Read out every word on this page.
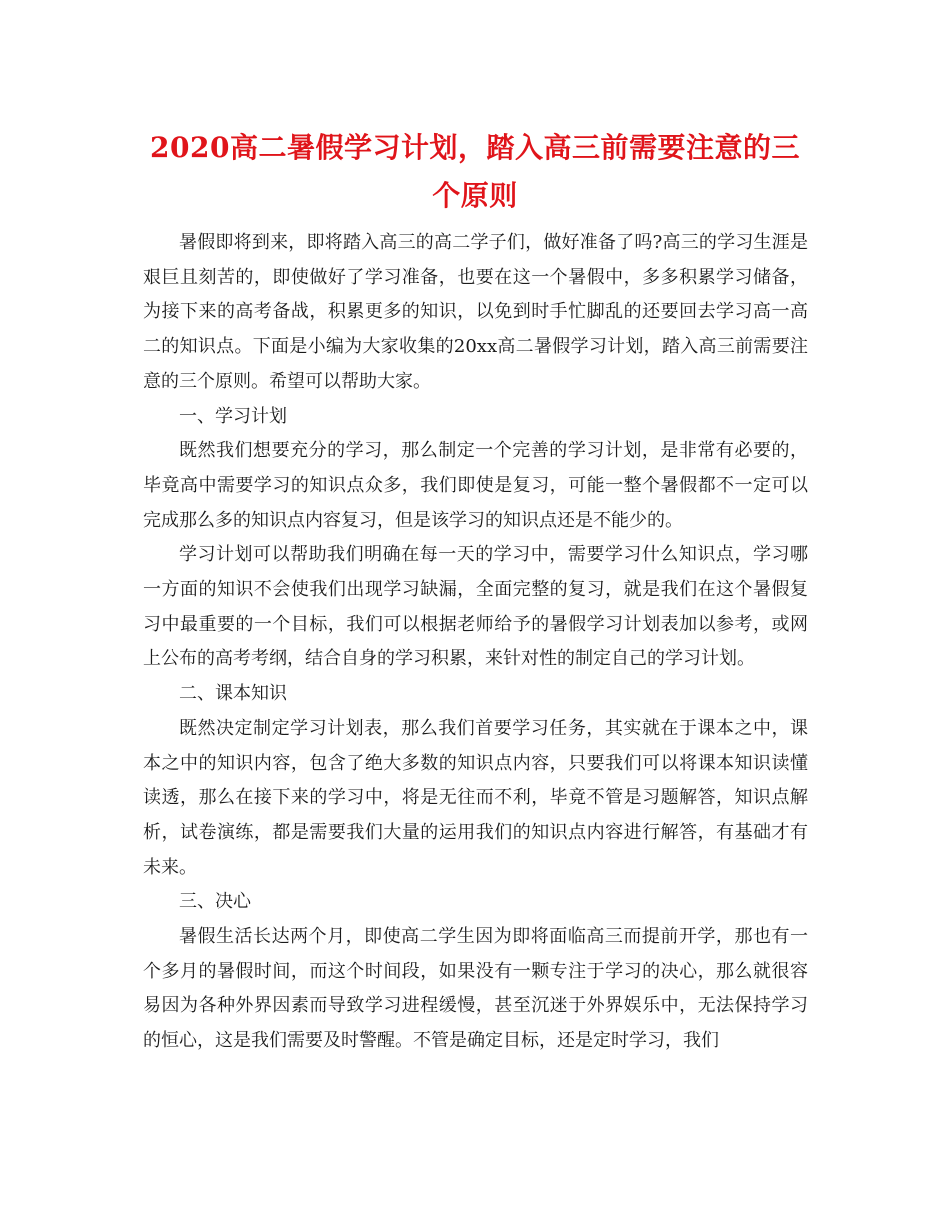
2020高二暑假学习计划，踏入高三前需要注意的三个原则

暑假即将到来，即将踏入高三的高二学子们，做好准备了吗?高三的学习生涯是艰巨且刻苦的，即使做好了学习准备，也要在这一个暑假中，多多积累学习储备，为接下来的高考备战，积累更多的知识，以免到时手忙脚乱的还要回去学习高一高二的知识点。下面是小编为大家收集的20xx高二暑假学习计划，踏入高三前需要注意的三个原则。希望可以帮助大家。

一、学习计划

既然我们想要充分的学习，那么制定一个完善的学习计划，是非常有必要的，毕竟高中需要学习的知识点众多，我们即使是复习，可能一整个暑假都不一定可以完成那么多的知识点内容复习，但是该学习的知识点还是不能少的。

学习计划可以帮助我们明确在每一天的学习中，需要学习什么知识点，学习哪一方面的知识不会使我们出现学习缺漏，全面完整的复习，就是我们在这个暑假复习中最重要的一个目标，我们可以根据老师给予的暑假学习计划表加以参考，或网上公布的高考考纲，结合自身的学习积累，来针对性的制定自己的学习计划。

二、课本知识

既然决定制定学习计划表，那么我们首要学习任务，其实就在于课本之中，课本之中的知识内容，包含了绝大多数的知识点内容，只要我们可以将课本知识读懂读透，那么在接下来的学习中，将是无往而不利，毕竟不管是习题解答，知识点解析，试卷演练，都是需要我们大量的运用我们的知识点内容进行解答，有基础才有未来。

三、决心

暑假生活长达两个月，即使高二学生因为即将面临高三而提前开学，那也有一个多月的暑假时间，而这个时间段，如果没有一颗专注于学习的决心，那么就很容易因为各种外界因素而导致学习进程缓慢，甚至沉迷于外界娱乐中，无法保持学习的恒心，这是我们需要及时警醒。不管是确定目标，还是定时学习，我们
